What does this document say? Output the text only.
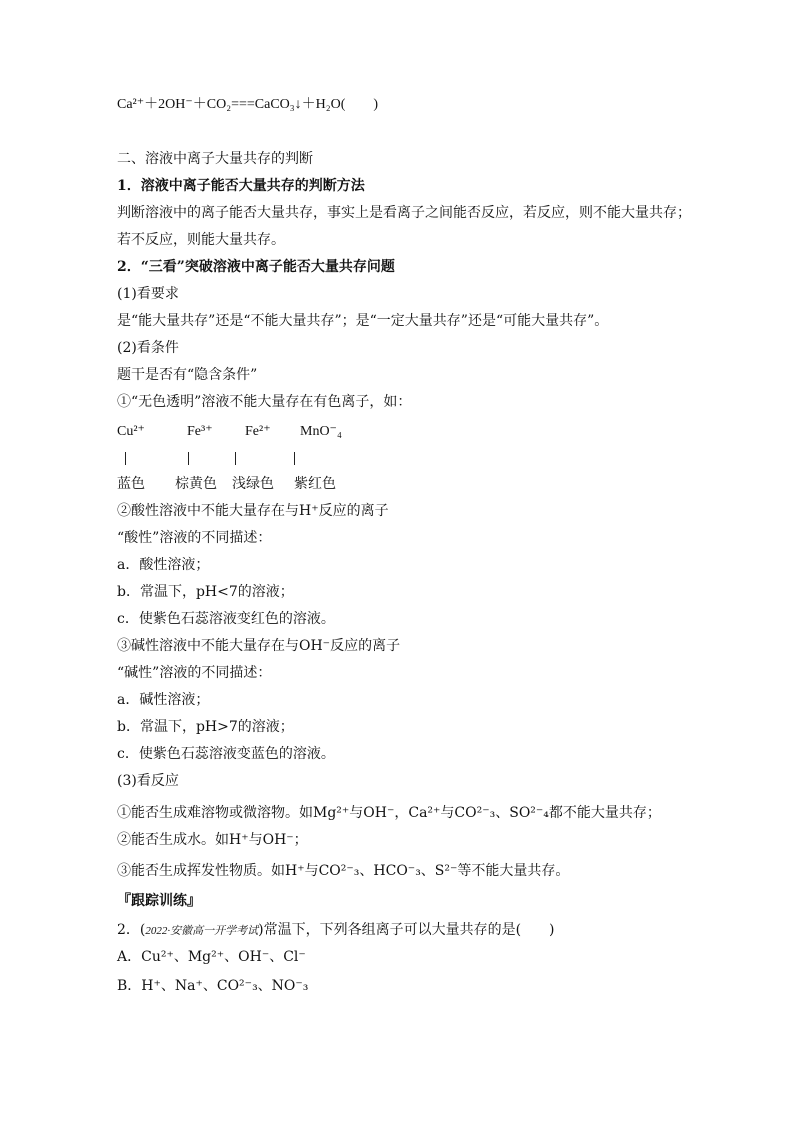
Ca²⁺＋2OH⁻＋CO₂===CaCO₃↓＋H₂O(　　)
二、溶液中离子大量共存的判断
1．溶液中离子能否大量共存的判断方法
判断溶液中的离子能否大量共存，事实上是看离子之间能否反应，若反应，则不能大量共存；
若不反应，则能大量共存。
2．“三看”突破溶液中离子能否大量共存问题
(1)看要求
是“能大量共存”还是“不能大量共存”；是“一定大量共存”还是“可能大量共存”。
(2)看条件
题干是否有“隐含条件”
①“无色透明”溶液不能大量存在有色离子，如：
Cu²⁺	Fe³⁺ Fe²⁺ MnO⁻₄
蓝色 棕黄色 浅绿色 紫红色
②酸性溶液中不能大量存在与H⁺反应的离子
“酸性”溶液的不同描述：
a．酸性溶液；
b．常温下，pH<7的溶液；
c．使紫色石蕊溶液变红色的溶液。
③碱性溶液中不能大量存在与OH⁻反应的离子
“碱性”溶液的不同描述：
a．碱性溶液；
b．常温下，pH>7的溶液；
c．使紫色石蕊溶液变蓝色的溶液。
(3)看反应
①能否生成难溶物或微溶物。如Mg²⁺与OH⁻，Ca²⁺与CO²⁻₃、SO²⁻₄都不能大量共存；
②能否生成水。如H⁺与OH⁻；
③能否生成挥发性物质。如H⁺与CO²⁻₃、HCO⁻₃、S²⁻等不能大量共存。
『跟踪训练』
2．(2022·安徽高一开学考试)常温下，下列各组离子可以大量共存的是(　　)
A．Cu²⁺、Mg²⁺、OH⁻、Cl⁻
B．H⁺、Na⁺、CO²⁻₃、NO⁻₃
